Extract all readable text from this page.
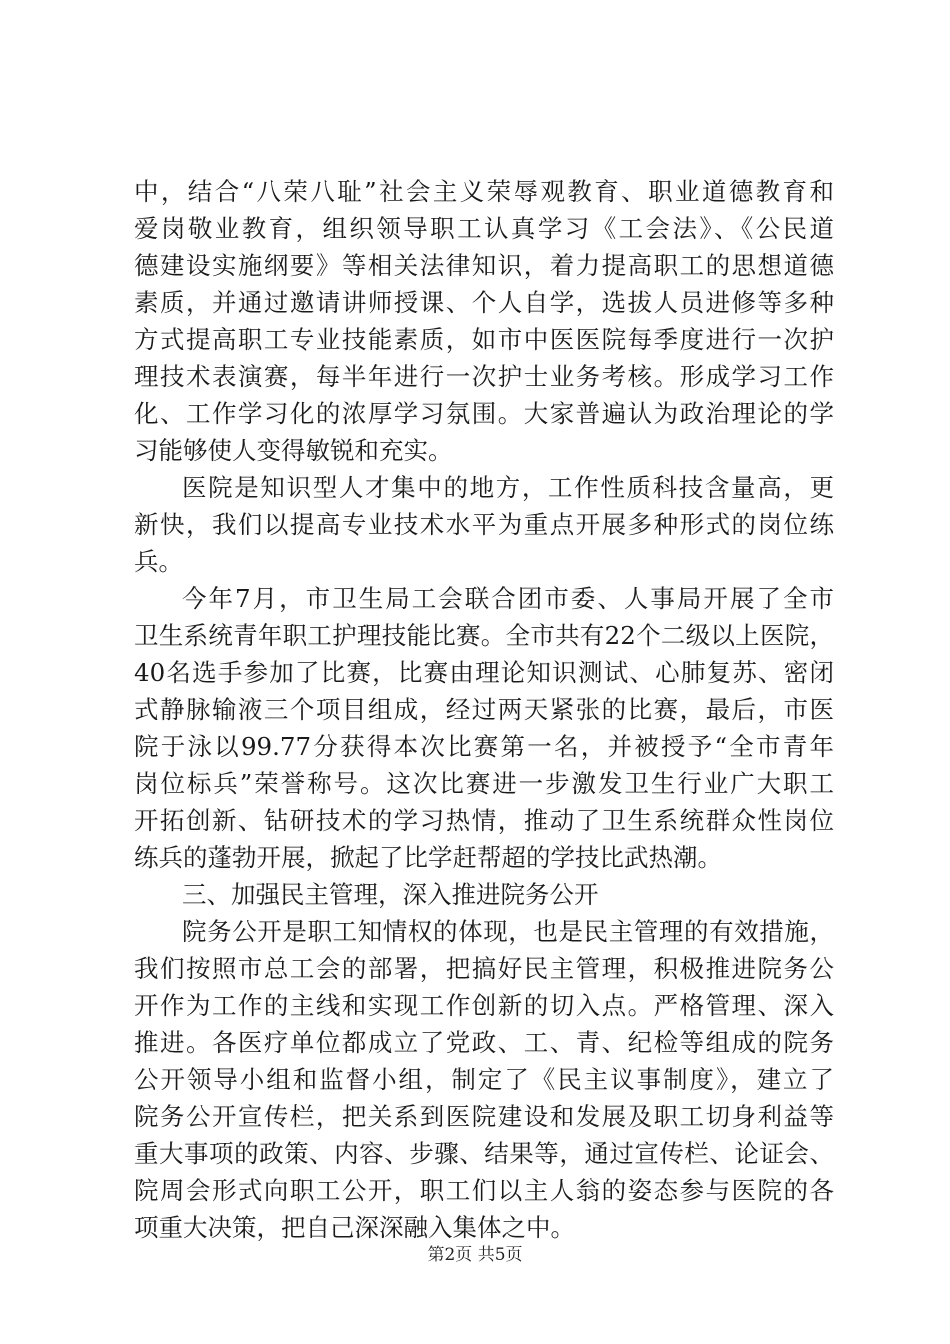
中，结合“八荣八耻”社会主义荣辱观教育、职业道德教育和
爱岗敬业教育，组织领导职工认真学习《工会法》、《公民道
德建设实施纲要》等相关法律知识，着力提高职工的思想道德
素质，并通过邀请讲师授课、个人自学，选拔人员进修等多种
方式提高职工专业技能素质，如市中医医院每季度进行一次护
理技术表演赛，每半年进行一次护士业务考核。形成学习工作
化、工作学习化的浓厚学习氛围。大家普遍认为政治理论的学
习能够使人变得敏锐和充实。
医院是知识型人才集中的地方，工作性质科技含量高，更
新快，我们以提高专业技术水平为重点开展多种形式的岗位练
兵。
今年7月，市卫生局工会联合团市委、人事局开展了全市
卫生系统青年职工护理技能比赛。全市共有22个二级以上医院，
40名选手参加了比赛，比赛由理论知识测试、心肺复苏、密闭
式静脉输液三个项目组成，经过两天紧张的比赛，最后，市医
院于泳以99.77分获得本次比赛第一名，并被授予“全市青年
岗位标兵”荣誉称号。这次比赛进一步激发卫生行业广大职工
开拓创新、钻研技术的学习热情，推动了卫生系统群众性岗位
练兵的蓬勃开展，掀起了比学赶帮超的学技比武热潮。
三、加强民主管理，深入推进院务公开
院务公开是职工知情权的体现，也是民主管理的有效措施，
我们按照市总工会的部署，把搞好民主管理，积极推进院务公
开作为工作的主线和实现工作创新的切入点。严格管理、深入
推进。各医疗单位都成立了党政、工、青、纪检等组成的院务
公开领导小组和监督小组，制定了《民主议事制度》，建立了
院务公开宣传栏，把关系到医院建设和发展及职工切身利益等
重大事项的政策、内容、步骤、结果等，通过宣传栏、论证会、
院周会形式向职工公开，职工们以主人翁的姿态参与医院的各
项重大决策，把自己深深融入集体之中。
第2页 共5页
